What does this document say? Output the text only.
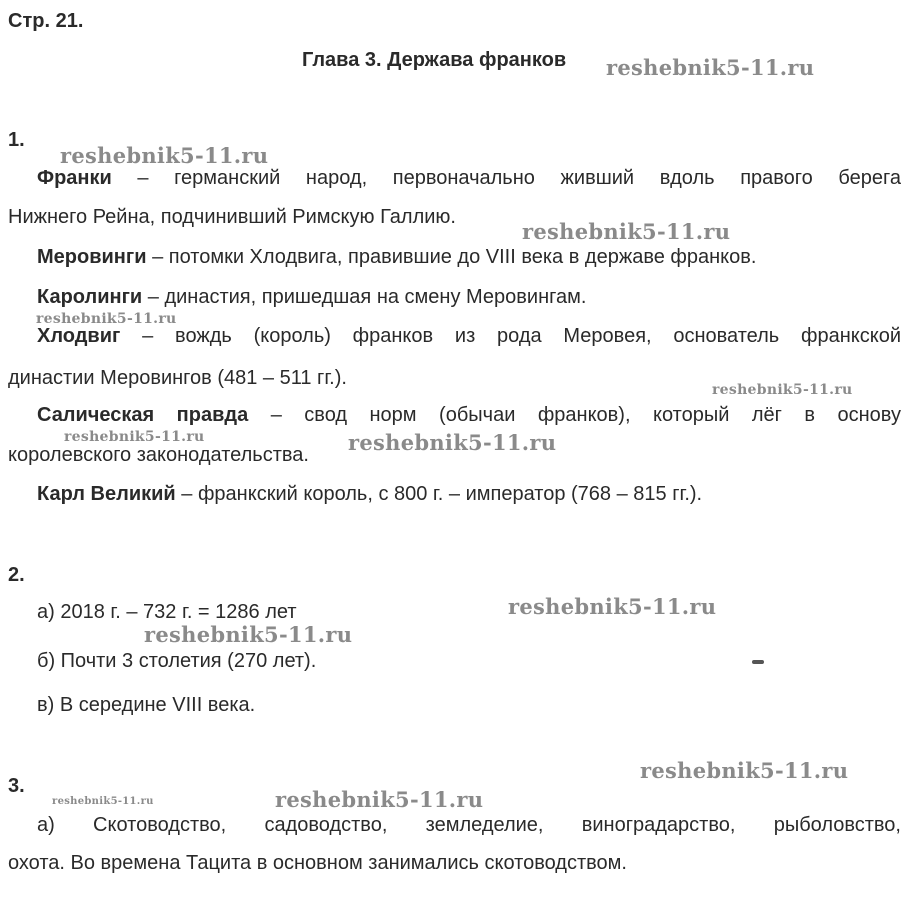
Стр. 21.
Глава 3. Держава франков
1.
Франки – германский народ, первоначально живший вдоль правого берега
Нижнего Рейна, подчинивший Римскую Галлию.
Меровинги – потомки Хлодвига, правившие до VIII века в державе франков.
Каролинги – династия, пришедшая на смену Меровингам.
Хлодвиг – вождь (король) франков из рода Меровея, основатель франкской
династии Меровингов (481 – 511 гг.).
Салическая правда – свод норм (обычаи франков), который лёг в основу
королевского законодательства.
Карл Великий – франкский король, с 800 г. – император (768 – 815 гг.).
2.
а) 2018 г. – 732 г. = 1286 лет
б) Почти 3 столетия (270 лет).
в) В середине VIII века.
3.
а) Скотоводство, садоводство, земледелие, виноградарство, рыболовство,
охота. Во времена Тацита в основном занимались скотоводством.
reshebnik5-11.ru
reshebnik5-11.ru
reshebnik5-11.ru
reshebnik5-11.ru
reshebnik5-11.ru
reshebnik5-11.ru	reshebnik5-11.ru
reshebnik5-11.ru
reshebnik5-11.ru
reshebnik5-11.ru
reshebnik5-11.ru	reshebnik5-11.ru
